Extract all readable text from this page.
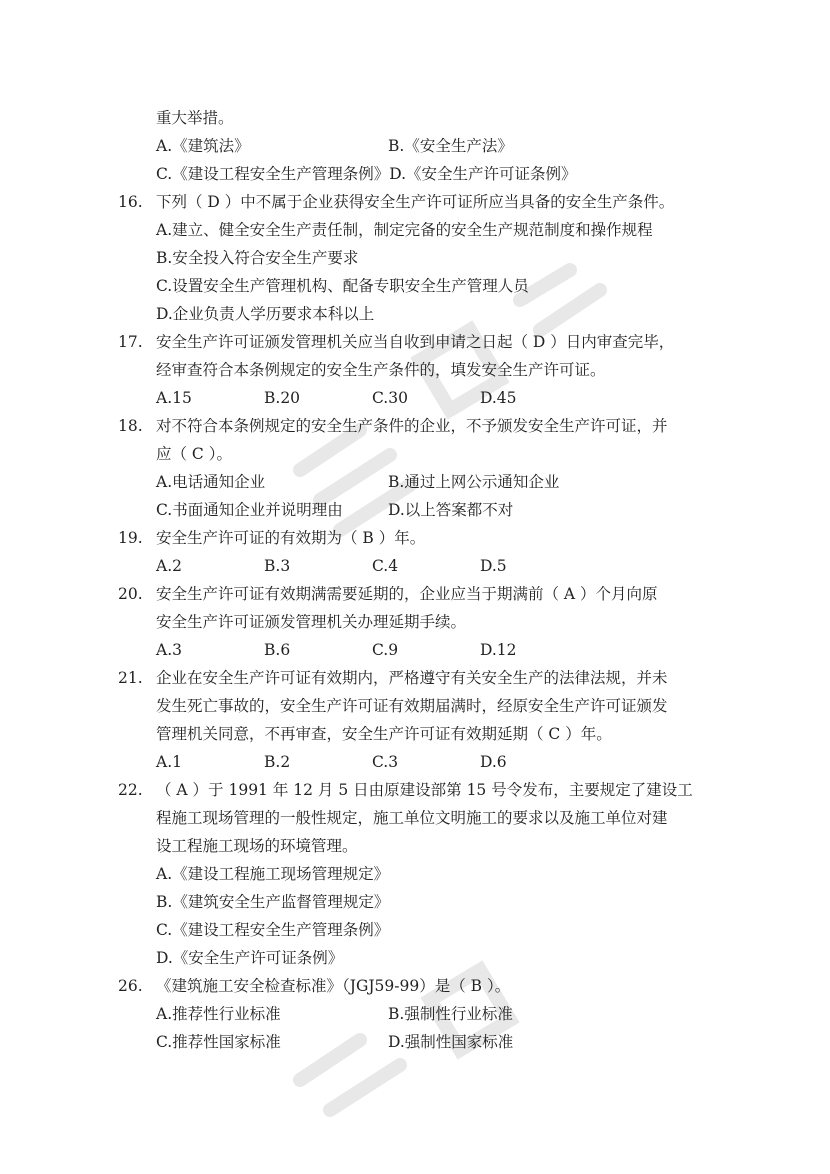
重大举措。
A.《建筑法》	B.《安全生产法》
C.《建设工程安全生产管理条例》 D.《安全生产许可证条例》
16. 下列（ D ）中不属于企业获得安全生产许可证所应当具备的安全生产条件。
A.建立、健全安全生产责任制，制定完备的安全生产规范制度和操作规程
B.安全投入符合安全生产要求
C.设置安全生产管理机构、配备专职安全生产管理人员
D.企业负责人学历要求本科以上
17. 安全生产许可证颁发管理机关应当自收到申请之日起（ D ）日内审查完毕，
经审查符合本条例规定的安全生产条件的，填发安全生产许可证。
A.15	B.20	C.30	D.45
18. 对不符合本条例规定的安全生产条件的企业，不予颁发安全生产许可证，并
应（ C ）。
A.电话通知企业	B.通过上网公示通知企业
C.书面通知企业并说明理由	D.以上答案都不对
19. 安全生产许可证的有效期为（ B ）年。
A.2	B.3	C.4	D.5
20. 安全生产许可证有效期满需要延期的，企业应当于期满前（ A ）个月向原
安全生产许可证颁发管理机关办理延期手续。
A.3	B.6	C.9	D.12
21. 企业在安全生产许可证有效期内，严格遵守有关安全生产的法律法规，并未
发生死亡事故的，安全生产许可证有效期届满时，经原安全生产许可证颁发
管理机关同意，不再审查，安全生产许可证有效期延期（ C ）年。
A.1	B.2	C.3	D.6
22. （ A ）于 1991 年 12 月 5 日由原建设部第 15 号令发布，主要规定了建设工
程施工现场管理的一般性规定，施工单位文明施工的要求以及施工单位对建
设工程施工现场的环境管理。
A.《建设工程施工现场管理规定》
B.《建筑安全生产监督管理规定》
C.《建设工程安全生产管理条例》
D.《安全生产许可证条例》
26. 《建筑施工安全检查标准》（JGJ59-99）是（ B ）。
A.推荐性行业标准	B.强制性行业标准
C.推荐性国家标准	D.强制性国家标准
